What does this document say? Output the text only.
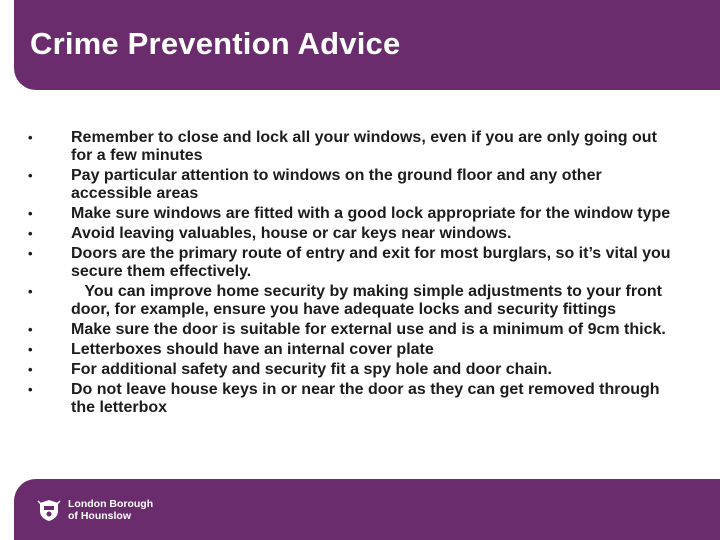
Crime Prevention Advice
• Remember to close and lock all your windows, even if you are only going out for a few minutes
• Pay particular attention to windows on the ground floor and any other accessible areas
• Make sure windows are fitted with a good lock appropriate for the window type
• Avoid leaving valuables, house or car keys near windows.
• Doors are the primary route of entry and exit for most burglars, so it’s vital you secure them effectively.
• You can improve home security by making simple adjustments to your front door, for example, ensure you have adequate locks and security fittings
• Make sure the door is suitable for external use and is a minimum of 9cm thick.
• Letterboxes should have an internal cover plate
• For additional safety and security fit a spy hole and door chain.
• Do not leave house keys in or near the door as they can get removed through the letterbox
London Borough
of Hounslow
